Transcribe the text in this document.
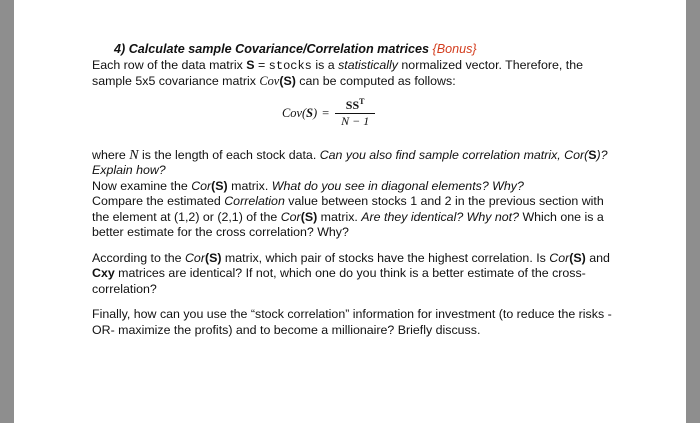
4) Calculate sample Covariance/Correlation matrices {Bonus}

Each row of the data matrix S = stocks is a statistically normalized vector. Therefore, the sample 5x5 covariance matrix Cov(S) can be computed as follows:

$Cov(S) = \frac{SS^T}{N - 1}$

where N is the length of each stock data. Can you also find sample correlation matrix, Cor(S)?
Explain how?

Now examine the Cor(S) matrix. What do you see in diagonal elements? Why?
Compare the estimated Correlation value between stocks 1 and 2 in the previous section with the element at (1,2) or (2,1) of the Cor(S) matrix. Are they identical? Why not? Which one is a better estimate for the cross correlation? Why?

According to the Cor(S) matrix, which pair of stocks have the highest correlation. Is Cor(S) and Cxy matrices are identical? If not, which one do you think is a better estimate of the cross-correlation?

Finally, how can you use the “stock correlation” information for investment (to reduce the risks -OR- maximize the profits) and to become a millionaire? Briefly discuss.
